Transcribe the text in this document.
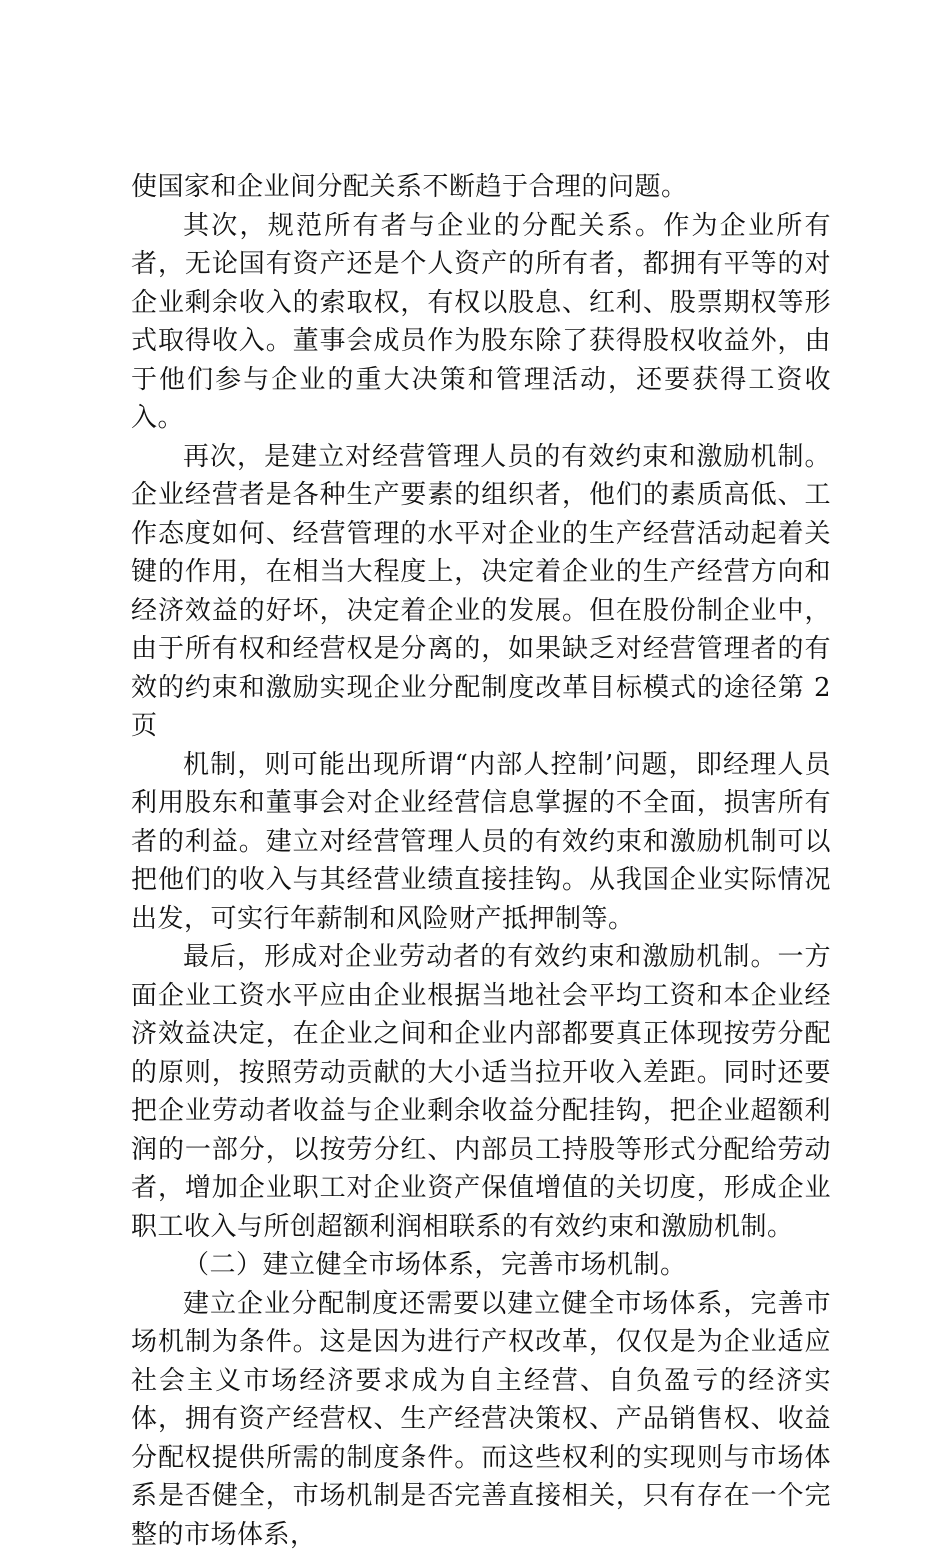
使国家和企业间分配关系不断趋于合理的问题。

其次，规范所有者与企业的分配关系。作为企业所有者，无论国有资产还是个人资产的所有者，都拥有平等的对企业剩余收入的索取权，有权以股息、红利、股票期权等形式取得收入。董事会成员作为股东除了获得股权收益外，由于他们参与企业的重大决策和管理活动，还要获得工资收入。

再次，是建立对经营管理人员的有效约束和激励机制。企业经营者是各种生产要素的组织者，他们的素质高低、工作态度如何、经营管理的水平对企业的生产经营活动起着关键的作用，在相当大程度上，决定着企业的生产经营方向和经济效益的好坏，决定着企业的发展。但在股份制企业中，由于所有权和经营权是分离的，如果缺乏对经营管理者的有效的约束和激励实现企业分配制度改革目标模式的途径第 2 页

机制，则可能出现所谓“内部人控制’问题，即经理人员利用股东和董事会对企业经营信息掌握的不全面，损害所有者的利益。建立对经营管理人员的有效约束和激励机制可以把他们的收入与其经营业绩直接挂钩。从我国企业实际情况出发，可实行年薪制和风险财产抵押制等。

最后，形成对企业劳动者的有效约束和激励机制。一方面企业工资水平应由企业根据当地社会平均工资和本企业经济效益决定，在企业之间和企业内部都要真正体现按劳分配的原则，按照劳动贡献的大小适当拉开收入差距。同时还要把企业劳动者收益与企业剩余收益分配挂钩，把企业超额利润的一部分，以按劳分红、内部员工持股等形式分配给劳动者，增加企业职工对企业资产保值增值的关切度，形成企业职工收入与所创超额利润相联系的有效约束和激励机制。

（二）建立健全市场体系，完善市场机制。

建立企业分配制度还需要以建立健全市场体系，完善市场机制为条件。这是因为进行产权改革，仅仅是为企业适应社会主义市场经济要求成为自主经营、自负盈亏的经济实体，拥有资产经营权、生产经营决策权、产品销售权、收益分配权提供所需的制度条件。而这些权利的实现则与市场体系是否健全，市场机制是否完善直接相关，只有存在一个完整的市场体系，
